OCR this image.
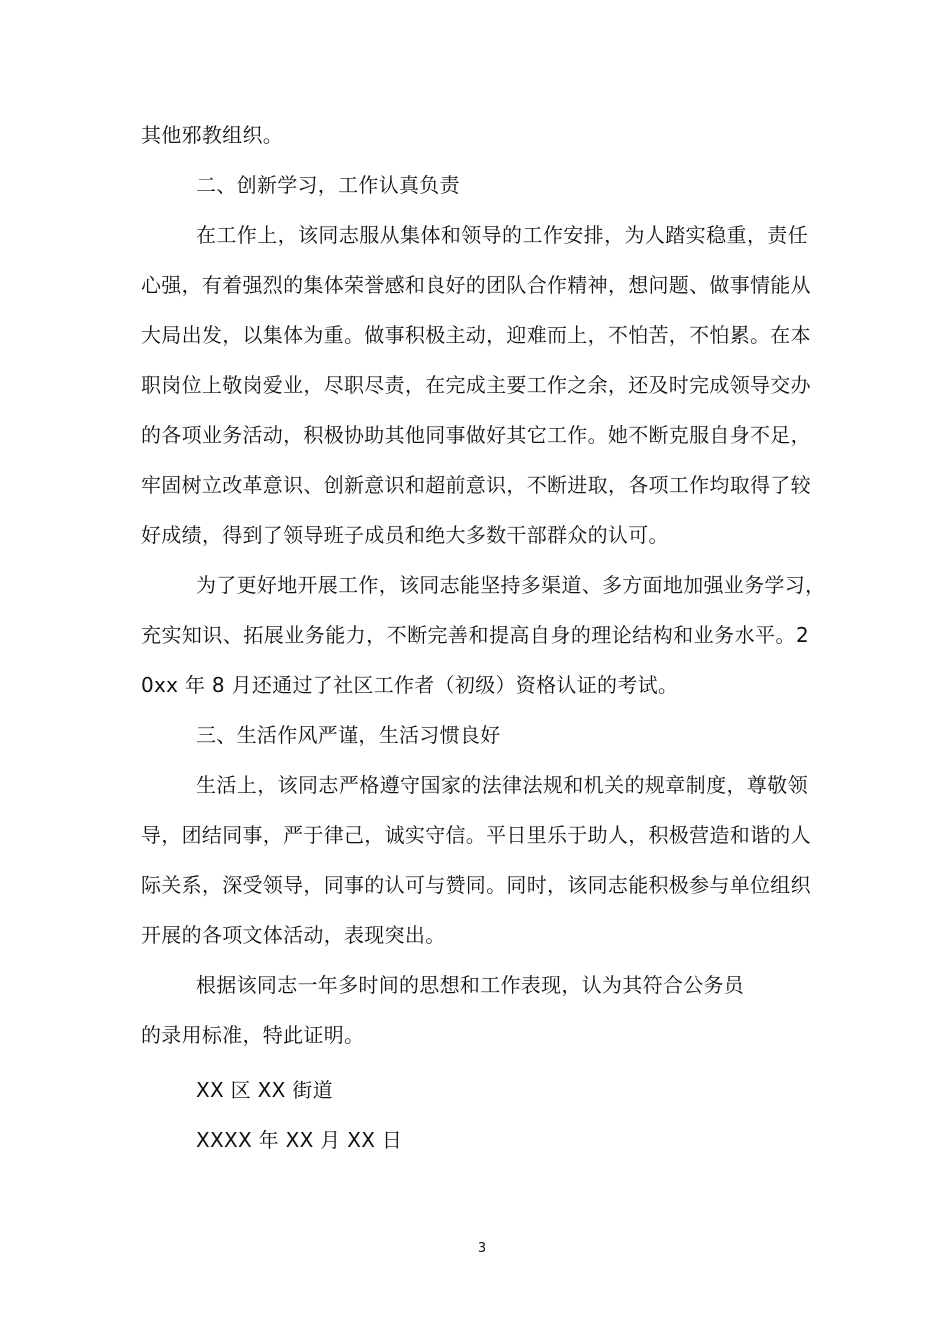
其他邪教组织。
二、创新学习，工作认真负责
在工作上，该同志服从集体和领导的工作安排，为人踏实稳重，责任
心强，有着强烈的集体荣誉感和良好的团队合作精神，想问题、做事情能从
大局出发，以集体为重。做事积极主动，迎难而上，不怕苦，不怕累。在本
职岗位上敬岗爱业，尽职尽责，在完成主要工作之余，还及时完成领导交办
的各项业务活动，积极协助其他同事做好其它工作。她不断克服自身不足，
牢固树立改革意识、创新意识和超前意识，不断进取，各项工作均取得了较
好成绩，得到了领导班子成员和绝大多数干部群众的认可。
为了更好地开展工作，该同志能坚持多渠道、多方面地加强业务学习，
充实知识、拓展业务能力，不断完善和提高自身的理论结构和业务水平。2
0xx 年 8 月还通过了社区工作者（初级）资格认证的考试。
三、生活作风严谨，生活习惯良好
生活上，该同志严格遵守国家的法律法规和机关的规章制度，尊敬领
导，团结同事，严于律己，诚实守信。平日里乐于助人，积极营造和谐的人
际关系，深受领导，同事的认可与赞同。同时，该同志能积极参与单位组织
开展的各项文体活动，表现突出。
根据该同志一年多时间的思想和工作表现，认为其符合公务员
的录用标准，特此证明。
XX 区 XX 街道
XXXX 年 XX 月 XX 日
3
